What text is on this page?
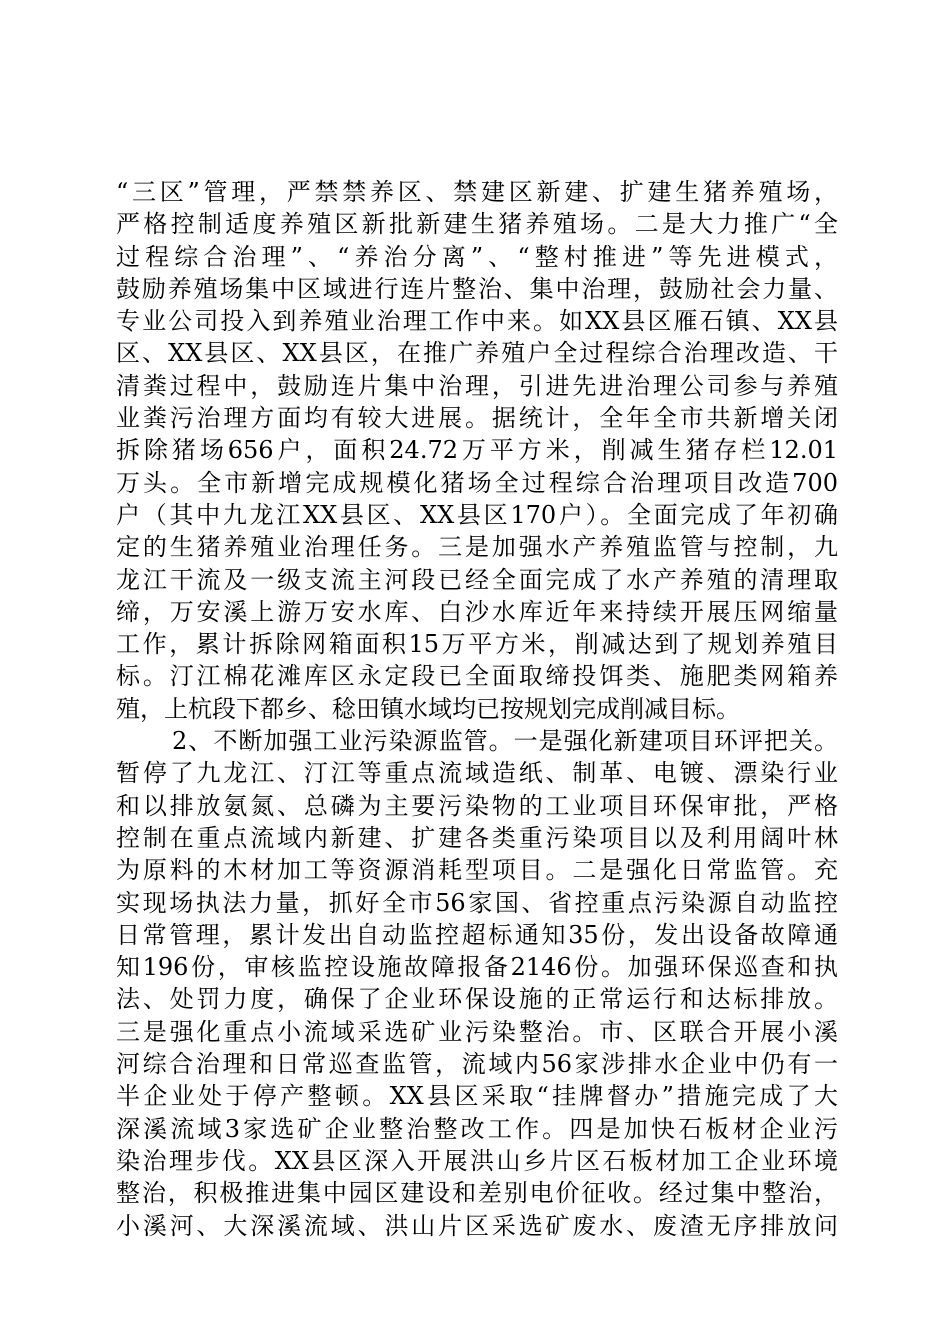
“三区”管理，严禁禁养区、禁建区新建、扩建生猪养殖场，
严格控制适度养殖区新批新建生猪养殖场。二是大力推广“全
过程综合治理”、“养治分离”、“整村推进”等先进模式，
鼓励养殖场集中区域进行连片整治、集中治理，鼓励社会力量、
专业公司投入到养殖业治理工作中来。如XX县区雁石镇、XX县
区、XX县区、XX县区，在推广养殖户全过程综合治理改造、干
清粪过程中，鼓励连片集中治理，引进先进治理公司参与养殖
业粪污治理方面均有较大进展。据统计，全年全市共新增关闭
拆除猪场656户，面积24.72万平方米，削减生猪存栏12.01
万头。全市新增完成规模化猪场全过程综合治理项目改造700
户（其中九龙江XX县区、XX县区170户）。全面完成了年初确
定的生猪养殖业治理任务。三是加强水产养殖监管与控制，九
龙江干流及一级支流主河段已经全面完成了水产养殖的清理取
缔，万安溪上游万安水库、白沙水库近年来持续开展压网缩量
工作，累计拆除网箱面积15万平方米，削减达到了规划养殖目
标。汀江棉花滩库区永定段已全面取缔投饵类、施肥类网箱养
殖，上杭段下都乡、稔田镇水域均已按规划完成削减目标。
2、不断加强工业污染源监管。一是强化新建项目环评把关。
暂停了九龙江、汀江等重点流域造纸、制革、电镀、漂染行业
和以排放氨氮、总磷为主要污染物的工业项目环保审批，严格
控制在重点流域内新建、扩建各类重污染项目以及利用阔叶林
为原料的木材加工等资源消耗型项目。二是强化日常监管。充
实现场执法力量，抓好全市56家国、省控重点污染源自动监控
日常管理，累计发出自动监控超标通知35份，发出设备故障通
知196份，审核监控设施故障报备2146份。加强环保巡查和执
法、处罚力度，确保了企业环保设施的正常运行和达标排放。
三是强化重点小流域采选矿业污染整治。市、区联合开展小溪
河综合治理和日常巡查监管，流域内56家涉排水企业中仍有一
半企业处于停产整顿。XX县区采取“挂牌督办”措施完成了大
深溪流域3家选矿企业整治整改工作。四是加快石板材企业污
染治理步伐。XX县区深入开展洪山乡片区石板材加工企业环境
整治，积极推进集中园区建设和差别电价征收。经过集中整治，
小溪河、大深溪流域、洪山片区采选矿废水、废渣无序排放问
